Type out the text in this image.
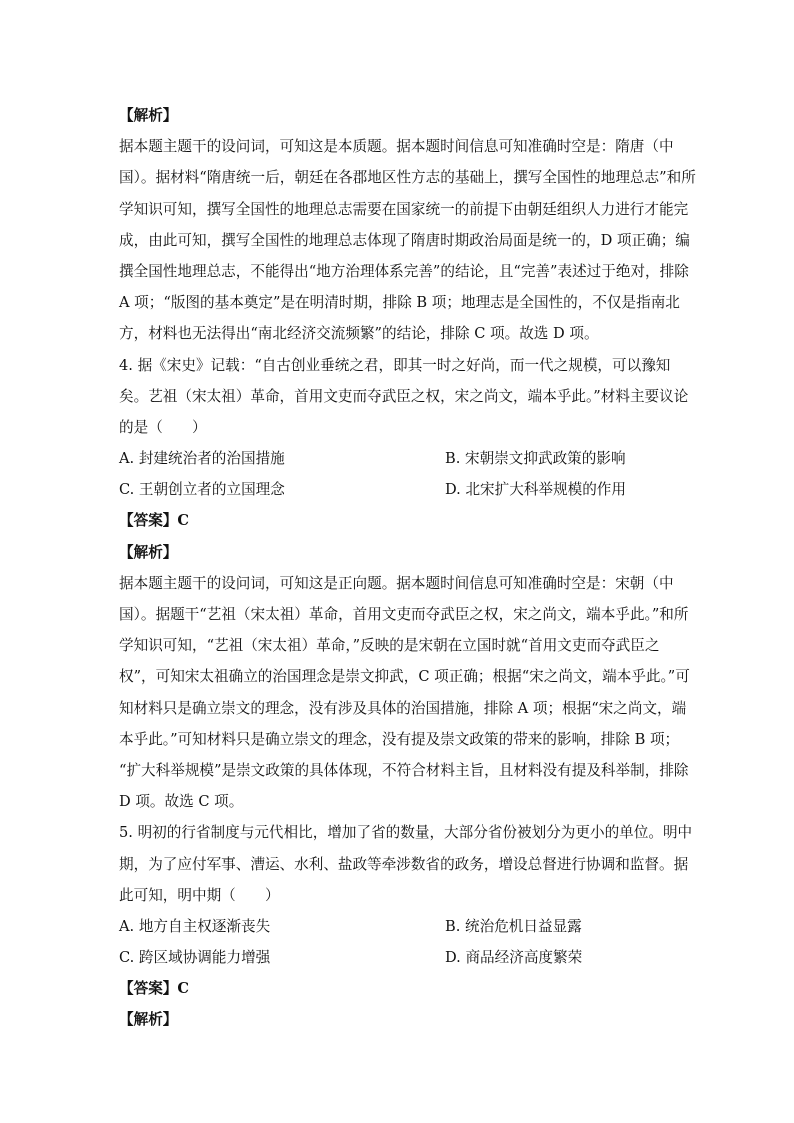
【解析】
据本题主题干的设问词，可知这是本质题。据本题时间信息可知准确时空是：隋唐（中
国）。据材料“隋唐统一后，朝廷在各郡地区性方志的基础上，撰写全国性的地理总志”和所
学知识可知，撰写全国性的地理总志需要在国家统一的前提下由朝廷组织人力进行才能完
成，由此可知，撰写全国性的地理总志体现了隋唐时期政治局面是统一的，D 项正确；编
撰全国性地理总志，不能得出“地方治理体系完善”的结论，且“完善”表述过于绝对，排除
A 项；“版图的基本奠定”是在明清时期，排除 B 项；地理志是全国性的，不仅是指南北
方，材料也无法得出“南北经济交流频繁”的结论，排除 C 项。故选 D 项。
4. 据《宋史》记载：“自古创业垂统之君，即其一时之好尚，而一代之规模，可以豫知
矣。艺祖（宋太祖）革命，首用文吏而夺武臣之权，宋之尚文，端本乎此。”材料主要议论
的是（　　）
A. 封建统治者的治国措施	B. 宋朝崇文抑武政策的影响
C. 王朝创立者的立国理念	D. 北宋扩大科举规模的作用
【答案】C
【解析】
据本题主题干的设问词，可知这是正向题。据本题时间信息可知准确时空是：宋朝（中
国）。据题干“艺祖（宋太祖）革命，首用文吏而夺武臣之权，宋之尚文，端本乎此。”和所
学知识可知，“艺祖（宋太祖）革命，”反映的是宋朝在立国时就“首用文吏而夺武臣之
权”，可知宋太祖确立的治国理念是崇文抑武，C 项正确；根据“宋之尚文，端本乎此。”可
知材料只是确立崇文的理念，没有涉及具体的治国措施，排除 A 项；根据“宋之尚文，端
本乎此。”可知材料只是确立崇文的理念，没有提及崇文政策的带来的影响，排除 B 项；
“扩大科举规模”是崇文政策的具体体现，不符合材料主旨，且材料没有提及科举制，排除
D 项。故选 C 项。
5. 明初的行省制度与元代相比，增加了省的数量，大部分省份被划分为更小的单位。明中
期，为了应付军事、漕运、水利、盐政等牵涉数省的政务，增设总督进行协调和监督。据
此可知，明中期（　　）
A. 地方自主权逐渐丧失	B. 统治危机日益显露
C. 跨区域协调能力增强	D. 商品经济高度繁荣
【答案】C
【解析】
